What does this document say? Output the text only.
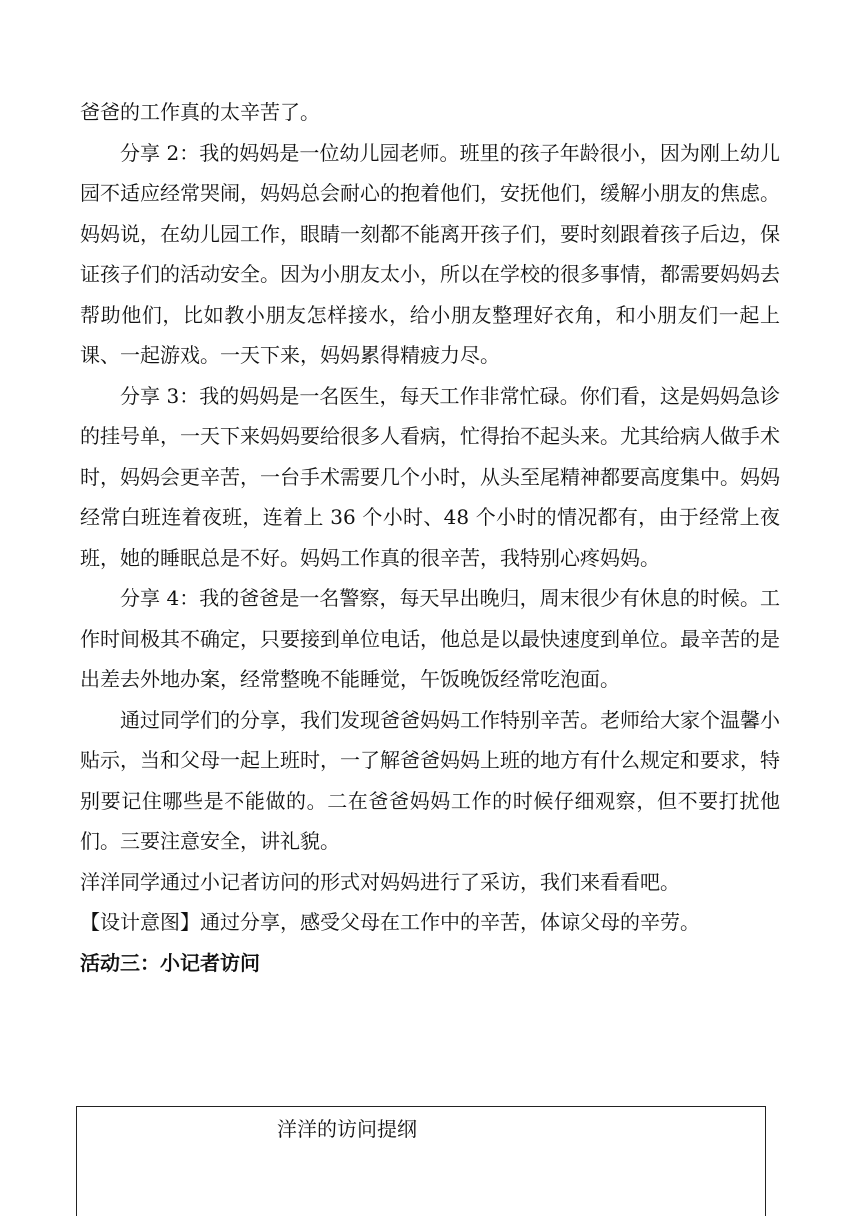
爸爸的工作真的太辛苦了。

分享 2：我的妈妈是一位幼儿园老师。班里的孩子年龄很小，因为刚上幼儿园不适应经常哭闹，妈妈总会耐心的抱着他们，安抚他们，缓解小朋友的焦虑。妈妈说，在幼儿园工作，眼睛一刻都不能离开孩子们，要时刻跟着孩子后边，保证孩子们的活动安全。因为小朋友太小，所以在学校的很多事情，都需要妈妈去帮助他们，比如教小朋友怎样接水，给小朋友整理好衣角，和小朋友们一起上课、一起游戏。一天下来，妈妈累得精疲力尽。

分享 3：我的妈妈是一名医生，每天工作非常忙碌。你们看，这是妈妈急诊的挂号单，一天下来妈妈要给很多人看病，忙得抬不起头来。尤其给病人做手术时，妈妈会更辛苦，一台手术需要几个小时，从头至尾精神都要高度集中。妈妈经常白班连着夜班，连着上 36 个小时、48 个小时的情况都有，由于经常上夜班，她的睡眠总是不好。妈妈工作真的很辛苦，我特别心疼妈妈。

分享 4：我的爸爸是一名警察，每天早出晚归，周末很少有休息的时候。工作时间极其不确定，只要接到单位电话，他总是以最快速度到单位。最辛苦的是出差去外地办案，经常整晚不能睡觉，午饭晚饭经常吃泡面。

通过同学们的分享，我们发现爸爸妈妈工作特别辛苦。老师给大家个温馨小贴示，当和父母一起上班时，一了解爸爸妈妈上班的地方有什么规定和要求，特别要记住哪些是不能做的。二在爸爸妈妈工作的时候仔细观察，但不要打扰他们。三要注意安全，讲礼貌。

洋洋同学通过小记者访问的形式对妈妈进行了采访，我们来看看吧。

【设计意图】通过分享，感受父母在工作中的辛苦，体谅父母的辛劳。

活动三：小记者访问

洋洋的访问提纲
